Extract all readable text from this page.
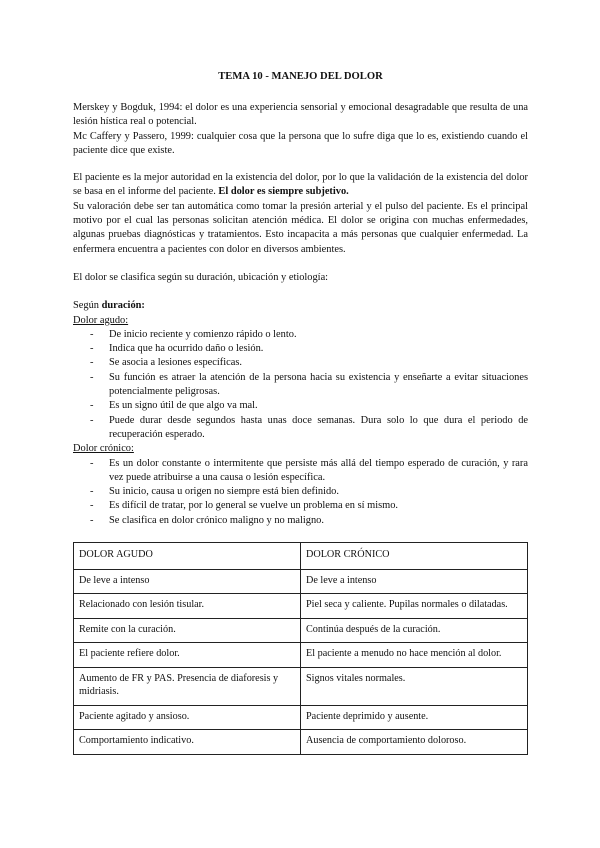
TEMA 10 - MANEJO DEL DOLOR

Merskey y Bogduk, 1994: el dolor es una experiencia sensorial y emocional desagradable que resulta de una lesión hística real o potencial.

Mc Caffery y Passero, 1999: cualquier cosa que la persona que lo sufre diga que lo es, existiendo cuando el paciente dice que existe.

El paciente es la mejor autoridad en la existencia del dolor, por lo que la validación de la existencia del dolor se basa en el informe del paciente. El dolor es siempre subjetivo.

Su valoración debe ser tan automática como tomar la presión arterial y el pulso del paciente. Es el principal motivo por el cual las personas solicitan atención médica. El dolor se origina con muchas enfermedades, algunas pruebas diagnósticas y tratamientos. Esto incapacita a más personas que cualquier enfermedad. La enfermera encuentra a pacientes con dolor en diversos ambientes.

El dolor se clasifica según su duración, ubicación y etiología:

Según duración:

Dolor agudo:

- De inicio reciente y comienzo rápido o lento.
- Indica que ha ocurrido daño o lesión.
- Se asocia a lesiones específicas.
- Su función es atraer la atención de la persona hacia su existencia y enseñarte a evitar situaciones potencialmente peligrosas.
- Es un signo útil de que algo va mal.
- Puede durar desde segundos hasta unas doce semanas. Dura solo lo que dura el periodo de recuperación esperado.

Dolor crónico:

- Es un dolor constante o intermitente que persiste más allá del tiempo esperado de curación, y rara vez puede atribuirse a una causa o lesión específica.
- Su inicio, causa u origen no siempre está bien definido.
- Es difícil de tratar, por lo general se vuelve un problema en sí mismo.
- Se clasifica en dolor crónico maligno y no maligno.
DOLOR AGUDO	DOLOR CRÓNICO
De leve a intenso	De leve a intenso
Relacionado con lesión tisular.	Piel seca y caliente. Pupilas normales o dilatadas.
Remite con la curación.	Continúa después de la curación.
El paciente refiere dolor.	El paciente a menudo no hace mención al dolor.
Aumento de FR y PAS. Presencia de diaforesis y midriasis.	Signos vitales normales.
Paciente agitado y ansioso.	Paciente deprimido y ausente.
Comportamiento indicativo.	Ausencia de comportamiento doloroso.
